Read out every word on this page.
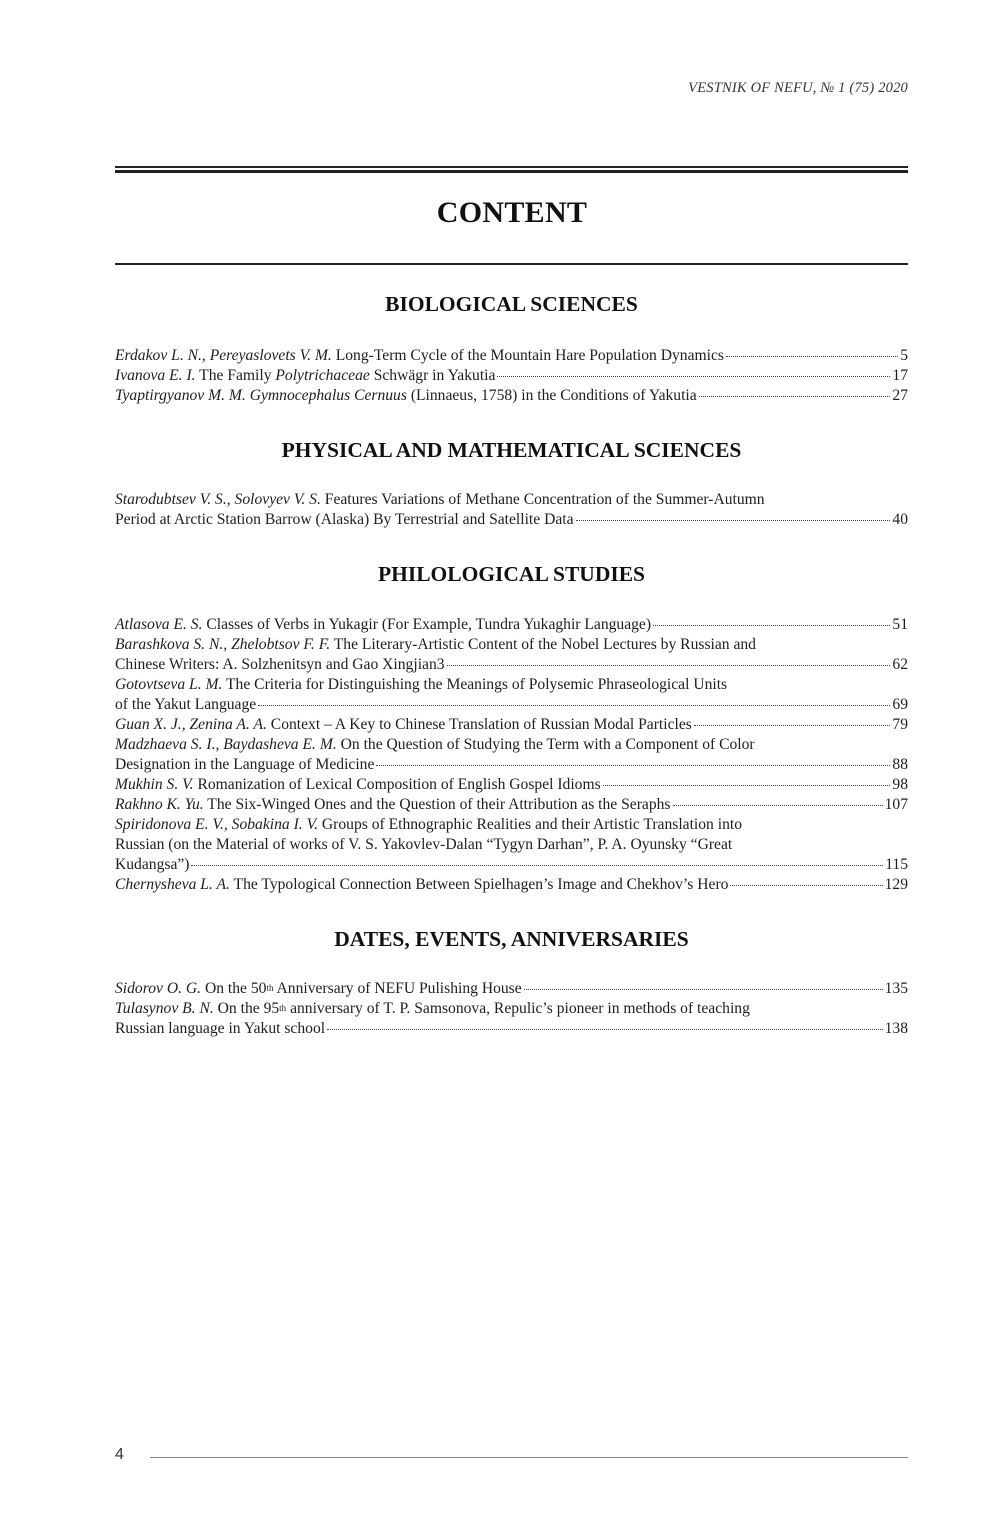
VESTNIK OF NEFU, № 1 (75) 2020
CONTENT
BIOLOGICAL SCIENCES
Erdakov L. N., Pereyaslovets V. M. Long-Term Cycle of the Mountain Hare Population Dynamics	5
Ivanova E. I. The Family Polytrichaceae Schwägr in Yakutia	17
Tyaptirgyanov M. M. Gymnocephalus Cernuus (Linnaeus, 1758) in the Conditions of Yakutia	27
PHYSICAL AND MATHEMATICAL SCIENCES
Starodubtsev V. S., Solovyev V. S. Features Variations of Methane Concentration of the Summer-Autumn
Period at Arctic Station Barrow (Alaska) By Terrestrial and Satellite Data	40
PHILOLOGICAL STUDIES
Atlasova E. S. Classes of Verbs in Yukagir (For Example, Tundra Yukaghir Language)	51
Barashkova S. N., Zhelobtsov F. F. The Literary-Artistic Content of the Nobel Lectures by Russian and
Chinese Writers: A. Solzhenitsyn and Gao Xingjian3	62
Gotovtseva L. M. The Criteria for Distinguishing the Meanings of Polysemic Phraseological Units
of the Yakut Language	69
Guan X. J., Zenina A. A. Context – A Key to Chinese Translation of Russian Modal Particles	79
Madzhaeva S. I., Baydasheva E. M. On the Question of Studying the Term with a Component of Color
Designation in the Language of Medicine	88
Mukhin S. V. Romanization of Lexical Composition of English Gospel Idioms	98
Rakhno K. Yu. The Six-Winged Ones and the Question of their Attribution as the Seraphs	107
Spiridonova E. V., Sobakina I. V. Groups of Ethnographic Realities and their Artistic Translation into
Russian (on the Material of works of V. S. Yakovlev-Dalan “Tygyn Darhan”, P. A. Oyunsky “Great
Kudangsa”)	115
Chernysheva L. A. The Typological Connection Between Spielhagen’s Image and Chekhov’s Hero	129
DATES, EVENTS, ANNIVERSARIES
Sidorov O. G. On the 50th Anniversary of NEFU Pulishing House	135
Tulasynov B. N. On the 95th anniversary of T. P. Samsonova, Repulic’s pioneer in methods of teaching
Russian language in Yakut school	138
4
